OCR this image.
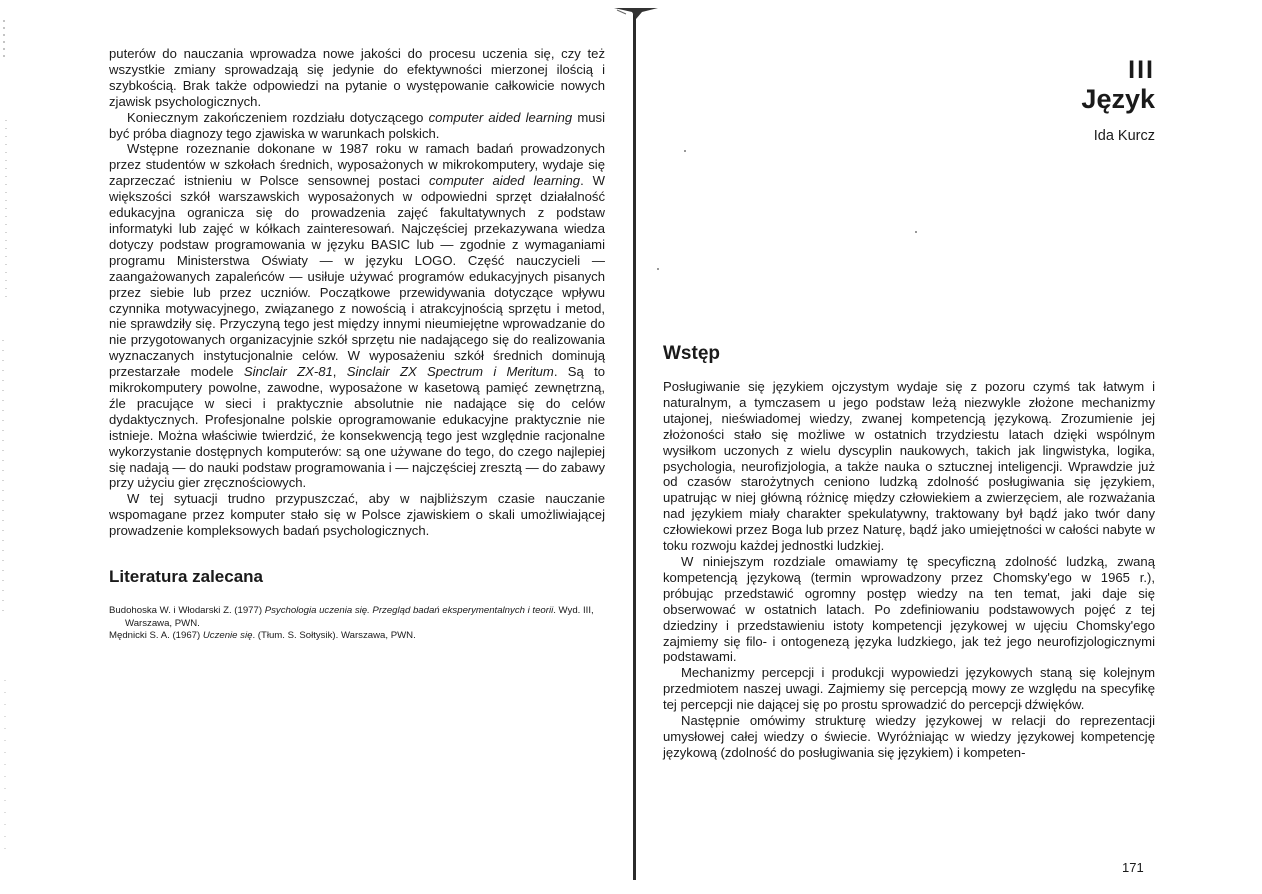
puterów do nauczania wprowadza nowe jakości do procesu uczenia się, czy też wszystkie zmiany sprowadzają się jedynie do efektywności mierzonej ilością i szybkością. Brak także odpowiedzi na pytanie o występowanie całkowicie nowych zjawisk psychologicznych.

Koniecznym zakończeniem rozdziału dotyczącego computer aided learning musi być próba diagnozy tego zjawiska w warunkach polskich.

Wstępne rozeznanie dokonane w 1987 roku w ramach badań prowadzonych przez studentów w szkołach średnich, wyposażonych w mikrokomputery, wydaje się zaprzeczać istnieniu w Polsce sensownej postaci computer aided learning. W większości szkół warszawskich wyposażonych w odpowiedni sprzęt działalność edukacyjna ogranicza się do prowadzenia zajęć fakultatywnych z podstaw informatyki lub zajęć w kółkach zainteresowań. Najczęściej przekazywana wiedza dotyczy podstaw programowania w języku BASIC lub — zgodnie z wymaganiami programu Ministerstwa Oświaty — w języku LOGO. Część nauczycieli — zaangażowanych zapaleńców — usiłuje używać programów edukacyjnych pisanych przez siebie lub przez uczniów. Początkowe przewidywania dotyczące wpływu czynnika motywacyjnego, związanego z nowością i atrakcyjnością sprzętu i metod, nie sprawdziły się. Przyczyną tego jest między innymi nieumiejętne wprowadzanie do nie przygotowanych organizacyjnie szkół sprzętu nie nadającego się do realizowania wyznaczanych instytucjonalnie celów. W wyposażeniu szkół średnich dominują przestarzałe modele Sinclair ZX-81, Sinclair ZX Spectrum i Meritum. Są to mikrokomputery powolne, zawodne, wyposażone w kasetową pamięć zewnętrzną, źle pracujące w sieci i praktycznie absolutnie nie nadające się do celów dydaktycznych. Profesjonalne polskie oprogramowanie edukacyjne praktycznie nie istnieje. Można właściwie twierdzić, że konsekwencją tego jest względnie racjonalne wykorzystanie dostępnych komputerów: są one używane do tego, do czego najlepiej się nadają — do nauki podstaw programowania i — najczęściej zresztą — do zabawy przy użyciu gier zręcznościowych.

W tej sytuacji trudno przypuszczać, aby w najbliższym czasie nauczanie wspomagane przez komputer stało się w Polsce zjawiskiem o skali umożliwiającej prowadzenie kompleksowych badań psychologicznych.

Literatura zalecana

Budohoska W. i Włodarski Z. (1977) Psychologia uczenia się. Przegląd badań eksperymentalnych i teorii. Wyd. III, Warszawa, PWN.

Mędnicki S. A. (1967) Uczenie się. (Tłum. S. Sołtysik). Warszawa, PWN.

III
Język
Ida Kurcz
Wstęp

Posługiwanie się językiem ojczystym wydaje się z pozoru czymś tak łatwym i naturalnym, a tymczasem u jego podstaw leżą niezwykle złożone mechanizmy utajonej, nieświadomej wiedzy, zwanej kompetencją językową. Zrozumienie jej złożoności stało się możliwe w ostatnich trzydziestu latach dzięki wspólnym wysiłkom uczonych z wielu dyscyplin naukowych, takich jak lingwistyka, logika, psychologia, neurofizjologia, a także nauka o sztucznej inteligencji. Wprawdzie już od czasów starożytnych ceniono ludzką zdolność posługiwania się językiem, upatrując w niej główną różnicę między człowiekiem a zwierzęciem, ale rozważania nad językiem miały charakter spekulatywny, traktowany był bądź jako twór dany człowiekowi przez Boga lub przez Naturę, bądź jako umiejętności w całości nabyte w toku rozwoju każdej jednostki ludzkiej.

W niniejszym rozdziale omawiamy tę specyficzną zdolność ludzką, zwaną kompetencją językową (termin wprowadzony przez Chomsky'ego w 1965 r.), próbując przedstawić ogromny postęp wiedzy na ten temat, jaki daje się obserwować w ostatnich latach. Po zdefiniowaniu podstawowych pojęć z tej dziedziny i przedstawieniu istoty kompetencji językowej w ujęciu Chomsky'ego zajmiemy się filo- i ontogenezą języka ludzkiego, jak też jego neurofizjologicznymi podstawami.

Mechanizmy percepcji i produkcji wypowiedzi językowych staną się kolejnym przedmiotem naszej uwagi. Zajmiemy się percepcją mowy ze względu na specyfikę tej percepcji nie dającej się po prostu sprowadzić do percepcji dźwięków.

Następnie omówimy strukturę wiedzy językowej w relacji do reprezentacji umysłowej całej wiedzy o świecie. Wyróżniając w wiedzy językowej kompetencję językową (zdolność do posługiwania się językiem) i kompeten-

171
